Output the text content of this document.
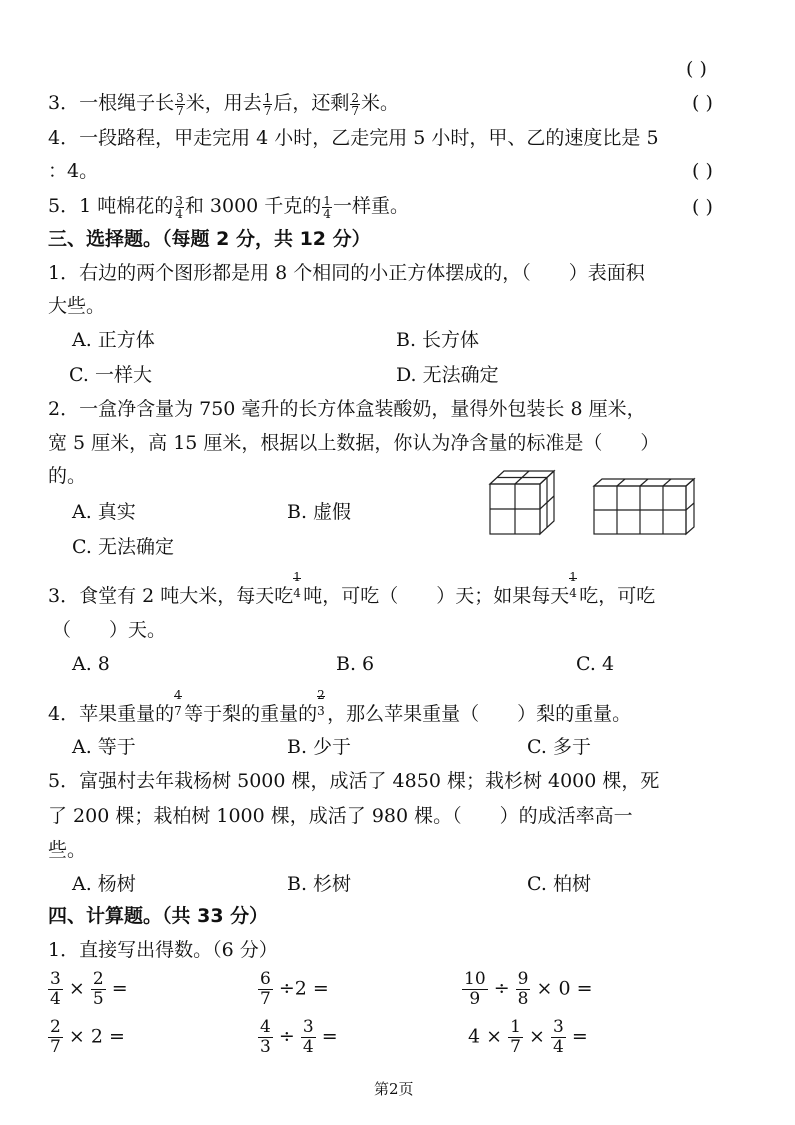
( )
3．一根绳子长 $\frac{3}{7}$ 米，用去 $\frac{1}{7}$ 后，还剩 $\frac{2}{7}$ 米。	( )
4．一段路程，甲走完用 4 小时，乙走完用 5 小时，甲、乙的速度比是 5
：4。	( )
5．1 吨棉花的 $\frac{3}{4}$ 和 3000 千克的 $\frac{1}{4}$ 一样重。	( )
三、选择题。（每题 2 分，共 12 分）
1．右边的两个图形都是用 8 个相同的小正方体摆成的，（　　）表面积
大些。
A. 正方体	B. 长方体
C. 一样大	D. 无法确定
2．一盒净含量为 750 毫升的长方体盒装酸奶，量得外包装长 8 厘米，
宽 5 厘米，高 15 厘米，根据以上数据，你认为净含量的标准是（　　）
的。
A. 真实	B. 虚假
C. 无法确定
3．食堂有 2 吨大米，每天吃
1
4 吨，可吃（　　）天；如果每天
1
4 吃，可吃
（　　）天。
A. 8	B. 6	C. 4
4．苹果重量的
4
7 等于梨的重量的
2
3 ，那么苹果重量（　　）梨的重量。
A. 等于	B. 少于	C. 多于
5．富强村去年栽杨树 5000 棵，成活了 4850 棵；栽杉树 4000 棵，死
了 200 棵；栽柏树 1000 棵，成活了 980 棵。（　　）的成活率高一
些。
A. 杨树	B. 杉树	C. 柏树
四、计算题。（共 33 分）
1．直接写出得数。（6 分）
$\frac{3}{4} \times \frac{2}{5}$ =	$\frac{6}{7} \div 2$ =	$\frac{10}{9} \div \frac{9}{8} \times 0$ =
$\frac{2}{7} \times 2$ =	$\frac{4}{3} \div \frac{3}{4}$ =	$4 \times \frac{1}{7} \times \frac{3}{4}$ =
第2页
